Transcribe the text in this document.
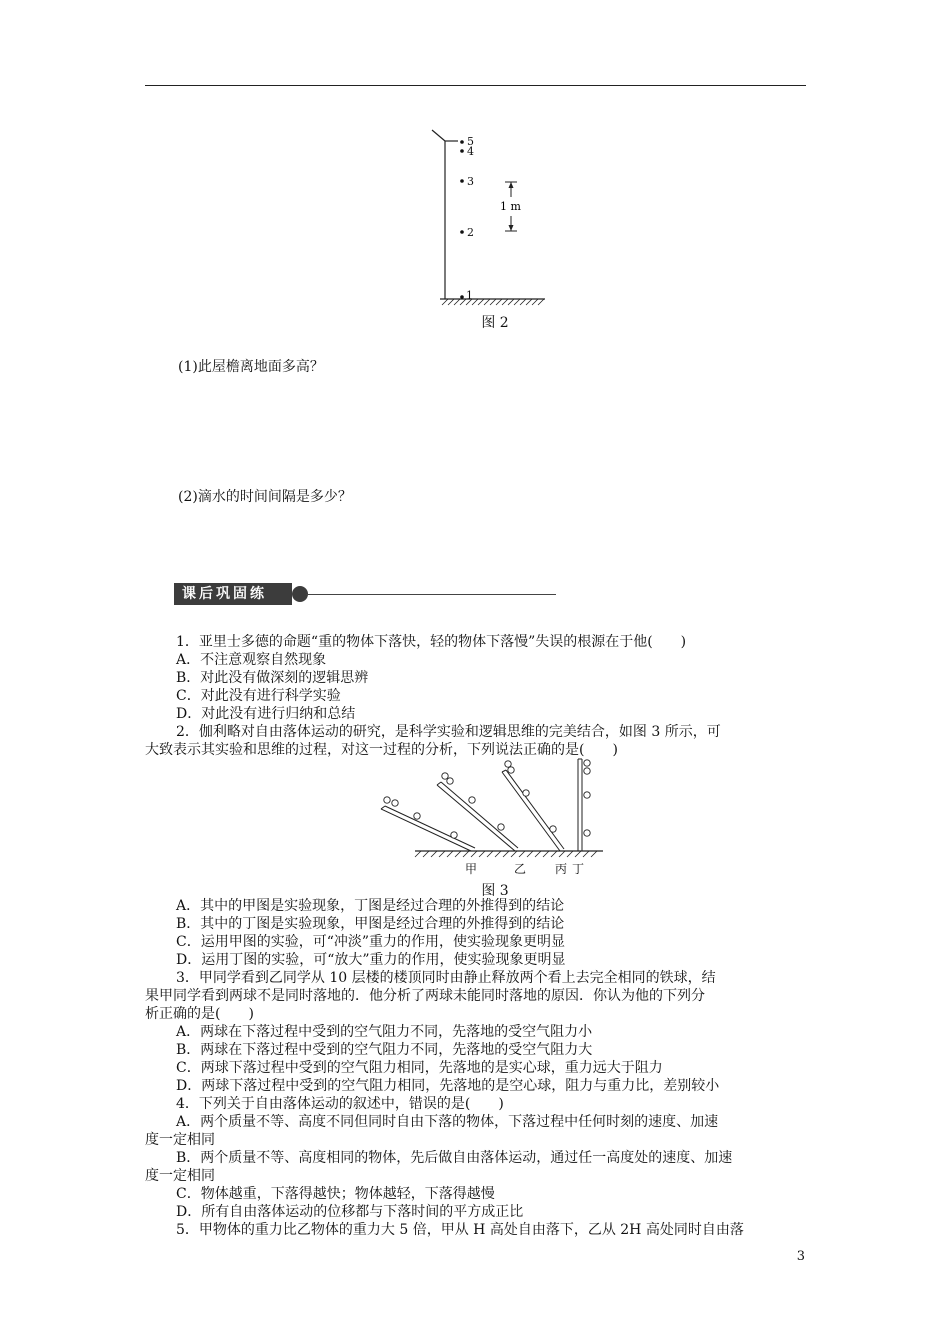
5
4
3
2
1
1 m
图 2
(1)此屋檐离地面多高？
(2)滴水的时间间隔是多少？
课后巩固练
1．亚里士多德的命题“重的物体下落快，轻的物体下落慢”失误的根源在于他(　　)
A．不注意观察自然现象
B．对此没有做深刻的逻辑思辨
C．对此没有进行科学实验
D．对此没有进行归纳和总结
2．伽利略对自由落体运动的研究，是科学实验和逻辑思维的完美结合，如图 3 所示，可
大致表示其实验和思维的过程，对这一过程的分析，下列说法正确的是(　　)
甲	乙 丙 丁
图 3
A．其中的甲图是实验现象，丁图是经过合理的外推得到的结论
B．其中的丁图是实验现象，甲图是经过合理的外推得到的结论
C．运用甲图的实验，可“冲淡”重力的作用，使实验现象更明显
D．运用丁图的实验，可“放大”重力的作用，使实验现象更明显
3．甲同学看到乙同学从 10 层楼的楼顶同时由静止释放两个看上去完全相同的铁球，结
果甲同学看到两球不是同时落地的．他分析了两球未能同时落地的原因．你认为他的下列分
析正确的是(　　)
A．两球在下落过程中受到的空气阻力不同，先落地的受空气阻力小
B．两球在下落过程中受到的空气阻力不同，先落地的受空气阻力大
C．两球下落过程中受到的空气阻力相同，先落地的是实心球，重力远大于阻力
D．两球下落过程中受到的空气阻力相同，先落地的是空心球，阻力与重力比，差别较小
4．下列关于自由落体运动的叙述中，错误的是(　　)
A．两个质量不等、高度不同但同时自由下落的物体，下落过程中任何时刻的速度、加速
度一定相同
B．两个质量不等、高度相同的物体，先后做自由落体运动，通过任一高度处的速度、加速
度一定相同
C．物体越重，下落得越快；物体越轻，下落得越慢
D．所有自由落体运动的位移都与下落时间的平方成正比
5．甲物体的重力比乙物体的重力大 5 倍，甲从 H 高处自由落下，乙从 2H 高处同时自由落
3
